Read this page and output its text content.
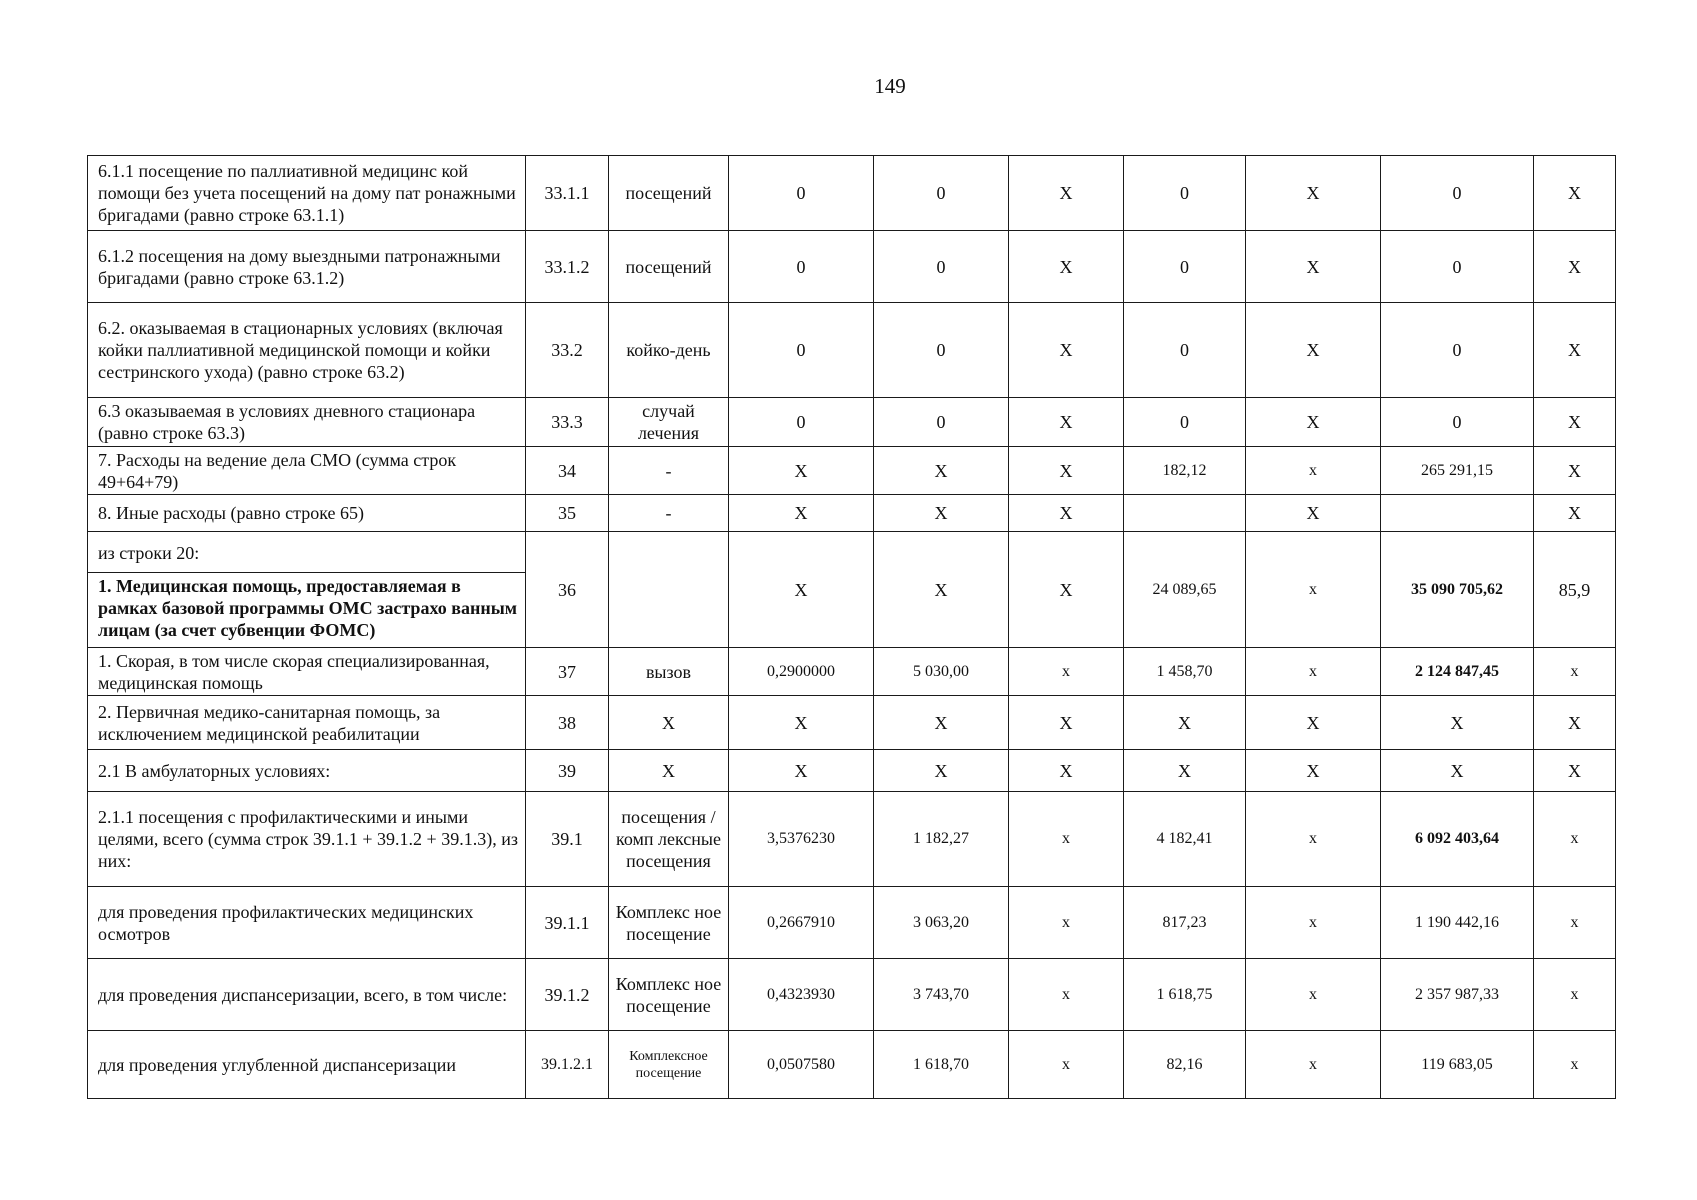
149
6.1.1 посещение по паллиативной медицинс кой помощи без учета посещений на дому пат ронажными бригадами (равно строке 63.1.1)	33.1.1	посещений	0	0	X	0	X	0	X
6.1.2 посещения на дому выездными патронажными бригадами (равно строке 63.1.2)	33.1.2	посещений	0	0	X	0	X	0	X
6.2. оказываемая в стационарных условиях (включая койки паллиативной медицинской помощи и койки сестринского ухода) (равно строке 63.2)	33.2	койко-день	0	0	X	0	X	0	X
6.3 оказываемая в условиях дневного стационара (равно строке 63.3)	33.3	случай лечения	0	0	X	0	X	0	X
7. Расходы на ведение дела СМО (сумма строк 49+64+79)	34	-	X	X	X	182,12	x	265 291,15	X
8. Иные расходы (равно строке 65)	35	-	X	X	X		X		X

из строки 20:
1. Медицинская помощь, предоставляемая в рамках базовой программы ОМС застрахо ванным лицам (за счет субвенции ФОМС)	36		X	X	X	24 089,65	x	35 090 705,62	85,9
1. Скорая, в том числе скорая специализированная, медицинская помощь	37	вызов	0,2900000	5 030,00	x	1 458,70	x	2 124 847,45	x
2. Первичная медико-санитарная помощь, за исключением медицинской реабилитации	38	X	X	X	X	X	X	X	X
2.1 В амбулаторных условиях:	39	X	X	X	X	X	X	X	X
2.1.1 посещения с профилактическими и иными целями, всего (сумма строк 39.1.1 + 39.1.2 + 39.1.3), из них:	39.1	посещения /комп лексные посещения	3,5376230	1 182,27	x	4 182,41	x	6 092 403,64	x
для проведения профилактических медицинских осмотров	39.1.1	Комплекс ное посещение	0,2667910	3 063,20	x	817,23	x	1 190 442,16	x
для проведения диспансеризации, всего, в том числе:	39.1.2	Комплекс ное посещение	0,4323930	3 743,70	x	1 618,75	x	2 357 987,33	x
для проведения углубленной диспансеризации	39.1.2.1	Комплексное посещение	0,0507580	1 618,70	x	82,16	x	119 683,05	x
